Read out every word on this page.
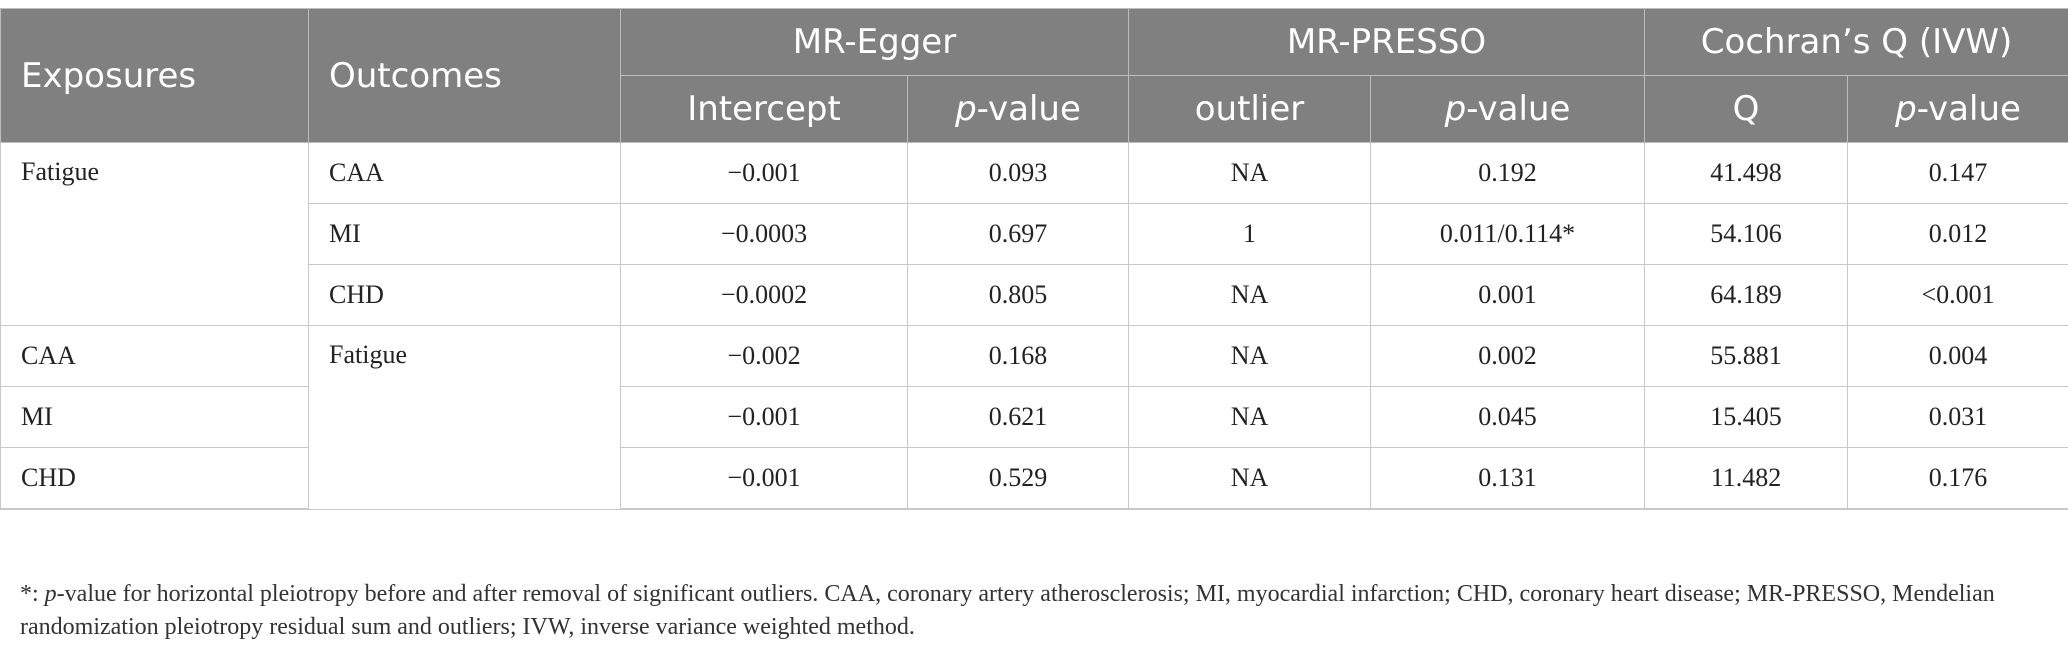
Exposures	Outcomes	MR-Egger		MR-PRESSO		Cochran’s Q (IVW)	
		Intercept	p-value	outlier	p-value	Q	p-value
Fatigue	CAA	−0.001	0.093	NA	0.192	41.498	0.147
	MI	−0.0003	0.697	1	0.011/0.114*	54.106	0.012
	CHD	−0.0002	0.805	NA	0.001	64.189	<0.001
CAA	Fatigue	−0.002	0.168	NA	0.002	55.881	0.004
MI		−0.001	0.621	NA	0.045	15.405	0.031
CHD		−0.001	0.529	NA	0.131	11.482	0.176
*: p-value for horizontal pleiotropy before and after removal of significant outliers. CAA, coronary artery atherosclerosis; MI, myocardial infarction; CHD, coronary heart disease; MR-PRESSO, Mendelian randomization pleiotropy residual sum and outliers; IVW, inverse variance weighted method.
